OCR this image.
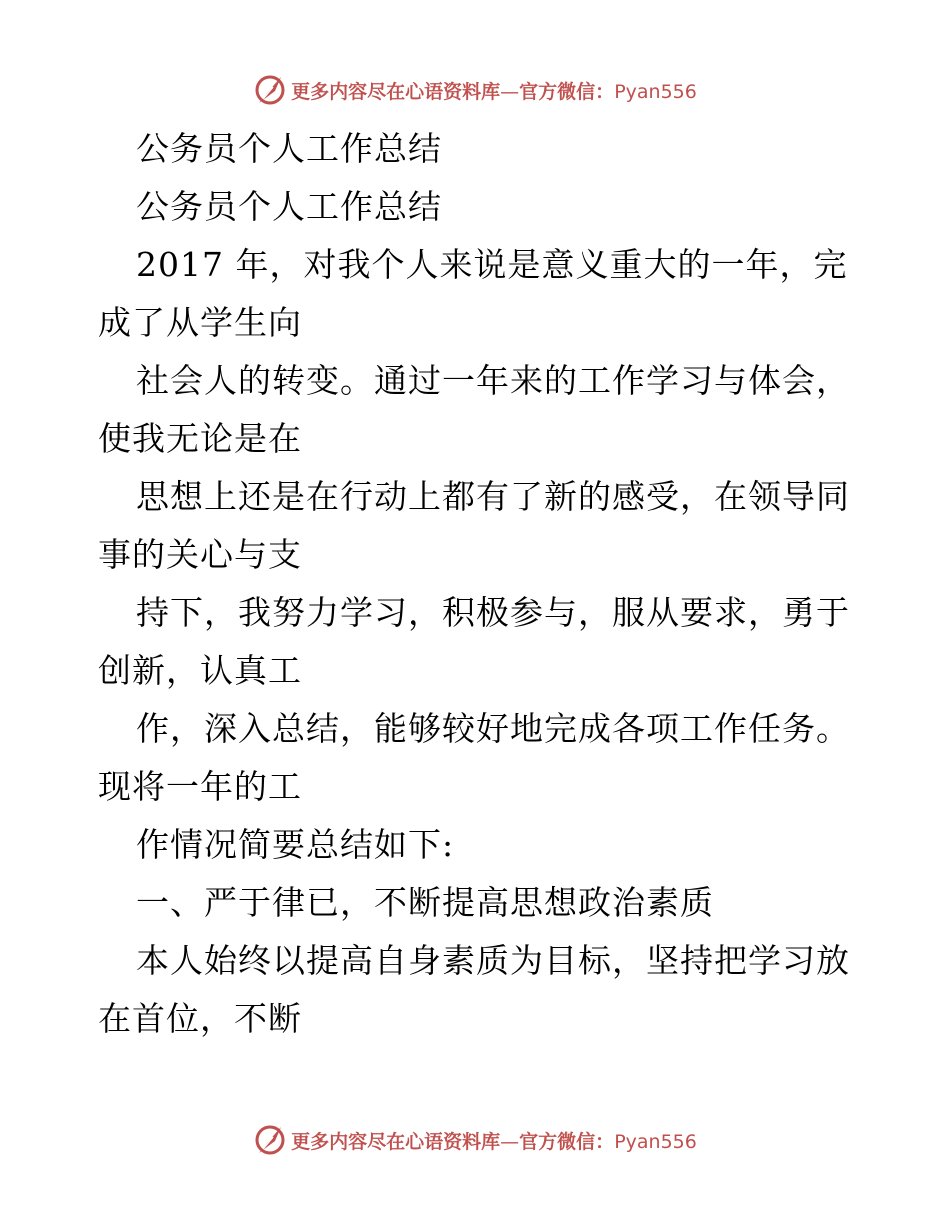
更多内容尽在心语资料库—官方微信：Pyan556
公务员个人工作总结
公务员个人工作总结
2017 年，对我个人来说是意义重大的一年，完
成了从学生向
社会人的转变。通过一年来的工作学习与体会，
使我无论是在
思想上还是在行动上都有了新的感受，在领导同
事的关心与支
持下，我努力学习，积极参与，服从要求，勇于
创新，认真工
作，深入总结，能够较好地完成各项工作任务。
现将一年的工
作情况简要总结如下:
一、严于律已，不断提高思想政治素质
本人始终以提高自身素质为目标，坚持把学习放
在首位，不断
更多内容尽在心语资料库—官方微信：Pyan556
